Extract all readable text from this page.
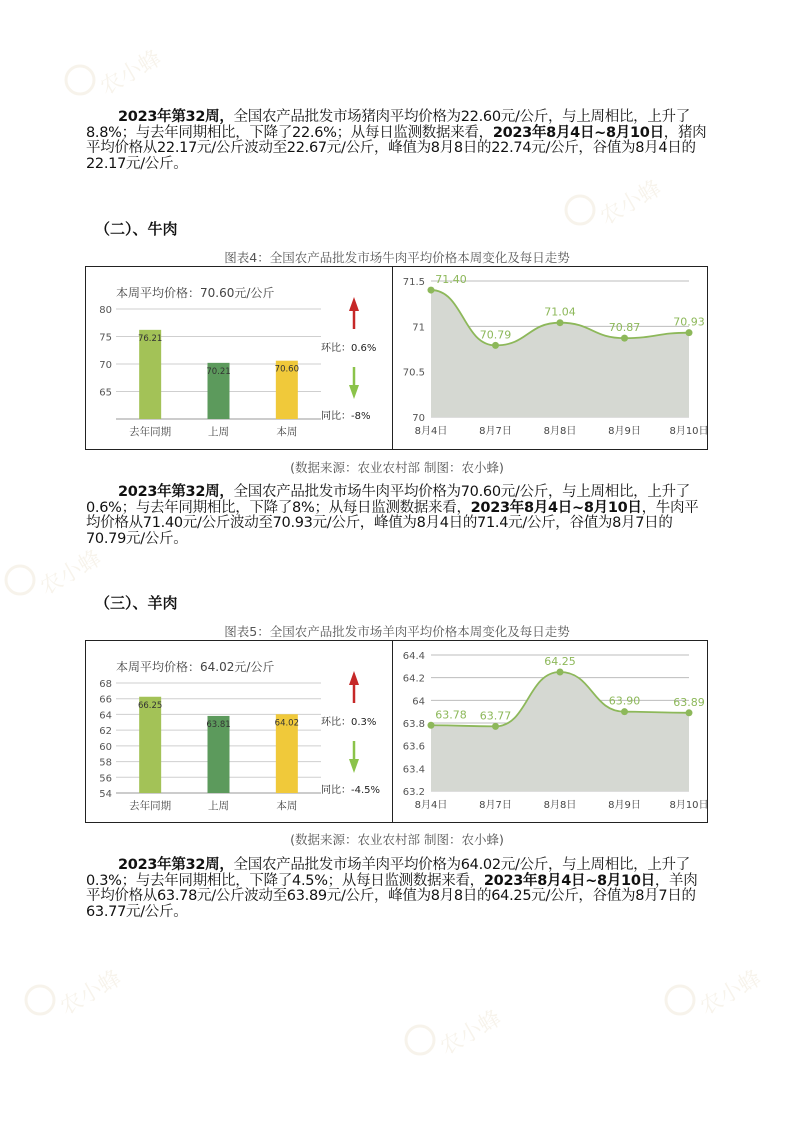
农小蜂
农小蜂
农小蜂
农小蜂
农小蜂
农小蜂
2023年第32周，全国农产品批发市场猪肉平均价格为22.60元/公斤，与上周相比，上升了8.8%；与去年同期相比，下降了22.6%；从每日监测数据来看，2023年8月4日~8月10日，猪肉平均价格从22.17元/公斤波动至22.67元/公斤，峰值为8月8日的22.74元/公斤，谷值为8月4日的22.17元/公斤。
（二）、牛肉
图表4：全国农产品批发市场牛肉平均价格本周变化及每日走势
本周平均价格：70.60元/公斤
65
70
75
80
76.21
去年同期
70.21
上周
70.60
本周
环比：0.6%
同比：-8%	70
70.5
71
71.5 71.40
8月4日
70.79
8月7日
71.04
8月8日
70.87
8月9日
70.93
8月10日
(数据来源：农业农村部 制图：农小蜂)
2023年第32周，全国农产品批发市场牛肉平均价格为70.60元/公斤，与上周相比，上升了0.6%；与去年同期相比，下降了8%；从每日监测数据来看，2023年8月4日~8月10日，牛肉平均价格从71.40元/公斤波动至70.93元/公斤，峰值为8月4日的71.4元/公斤，谷值为8月7日的70.79元/公斤。
（三）、羊肉
图表5：全国农产品批发市场羊肉平均价格本周变化及每日走势
本周平均价格：64.02元/公斤
54
56
58
60
62
64
66
68
66.25
去年同期
63.81
上周
64.02
本周
环比：0.3%
同比：-4.5% 63.2
63.4
63.6
63.8
64
64.2
64.4
63.78
8月4日
63.77
8月7日
64.25
8月8日
63.90
8月9日
63.89
8月10日
(数据来源：农业农村部 制图：农小蜂)
2023年第32周，全国农产品批发市场羊肉平均价格为64.02元/公斤，与上周相比，上升了0.3%；与去年同期相比，下降了4.5%；从每日监测数据来看，2023年8月4日~8月10日，羊肉平均价格从63.78元/公斤波动至63.89元/公斤，峰值为8月8日的64.25元/公斤，谷值为8月7日的63.77元/公斤。
